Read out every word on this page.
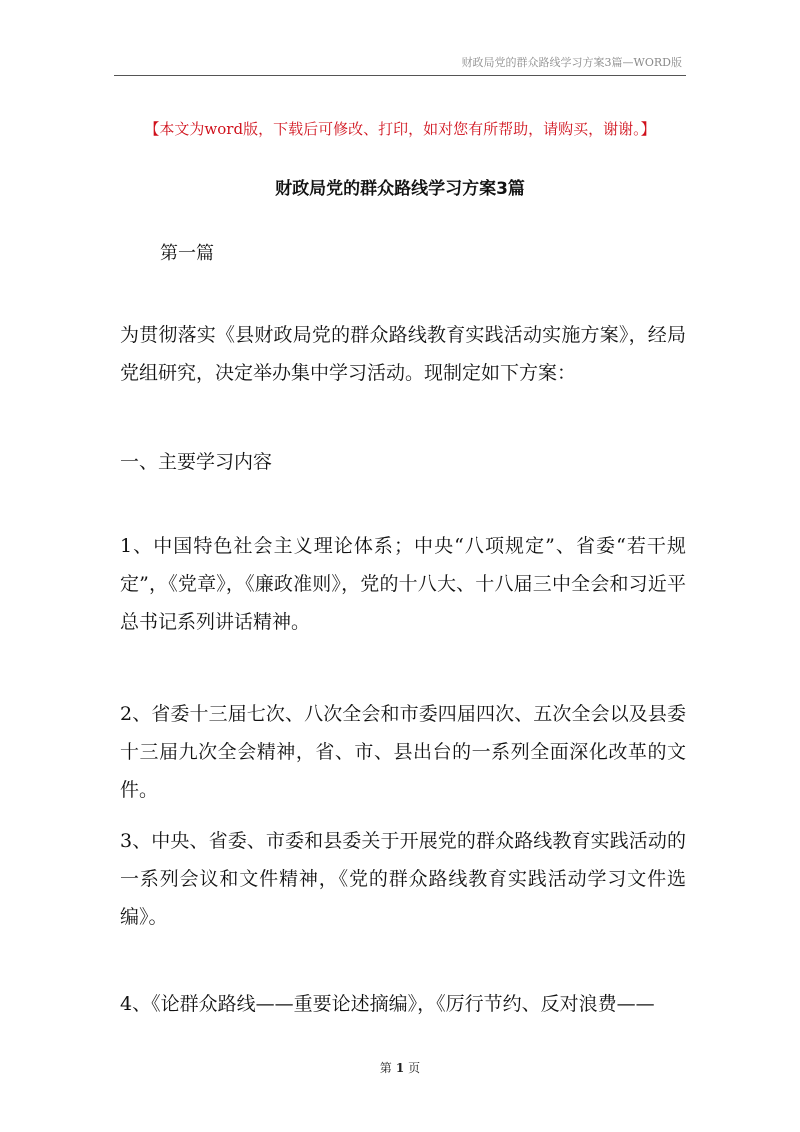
财政局党的群众路线学习方案3篇—WORD版
【本文为word版，下载后可修改、打印，如对您有所帮助，请购买，谢谢。】
财政局党的群众路线学习方案3篇
第一篇
为贯彻落实《县财政局党的群众路线教育实践活动实施方案》，经局党组研究，决定举办集中学习活动。现制定如下方案：
一、主要学习内容
1、中国特色社会主义理论体系；中央“八项规定”、省委“若干规定”，《党章》，《廉政准则》，党的十八大、十八届三中全会和习近平总书记系列讲话精神。
2、省委十三届七次、八次全会和市委四届四次、五次全会以及县委十三届九次全会精神，省、市、县出台的一系列全面深化改革的文件。
3、中央、省委、市委和县委关于开展党的群众路线教育实践活动的一系列会议和文件精神，《党的群众路线教育实践活动学习文件选编》。
4、《论群众路线——重要论述摘编》，《厉行节约、反对浪费——
第 1 页
